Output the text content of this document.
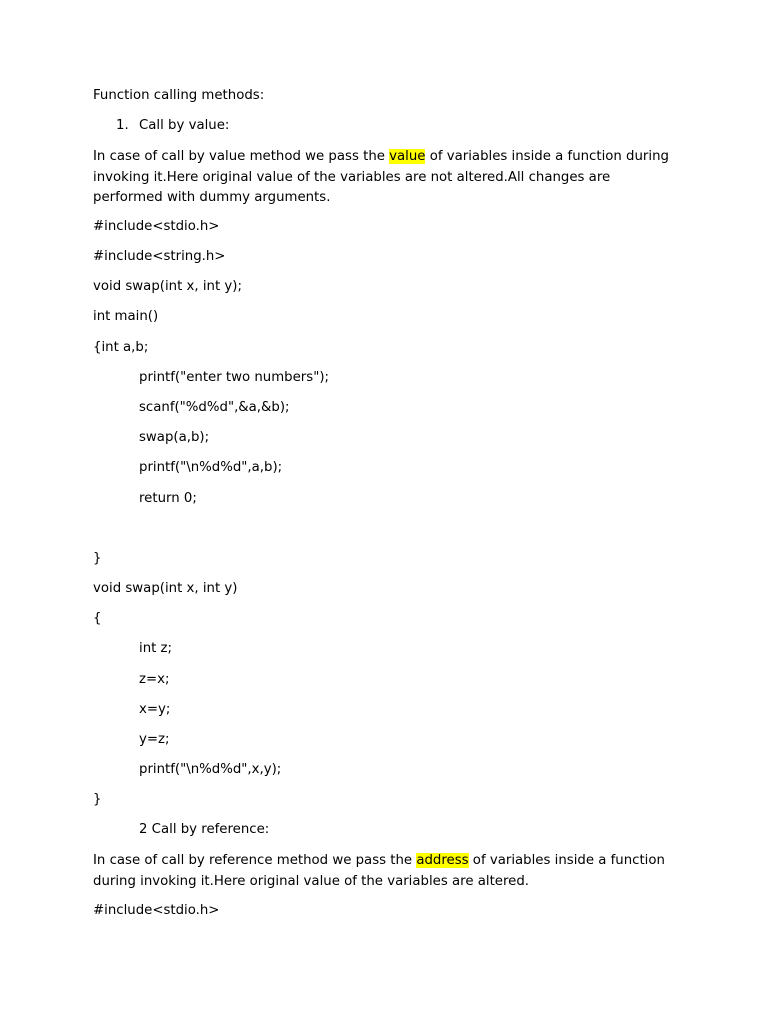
Function calling methods:
1. Call by value:
In case of call by value method we pass the value of variables inside a function during invoking it.Here original value of the variables are not altered.All changes are performed with dummy arguments.
#include<stdio.h>
#include<string.h>
void swap(int x, int y);
int main()
{int a,b;
printf("enter two numbers");
scanf("%d%d",&a,&b);
swap(a,b);
printf("\n%d%d",a,b);
return 0;
}
void swap(int x, int y)
{
int z;
z=x;
x=y;
y=z;
printf("\n%d%d",x,y);
}
2 Call by reference:
In case of call by reference method we pass the address of variables inside a function during invoking it.Here original value of the variables are altered.
#include<stdio.h>
